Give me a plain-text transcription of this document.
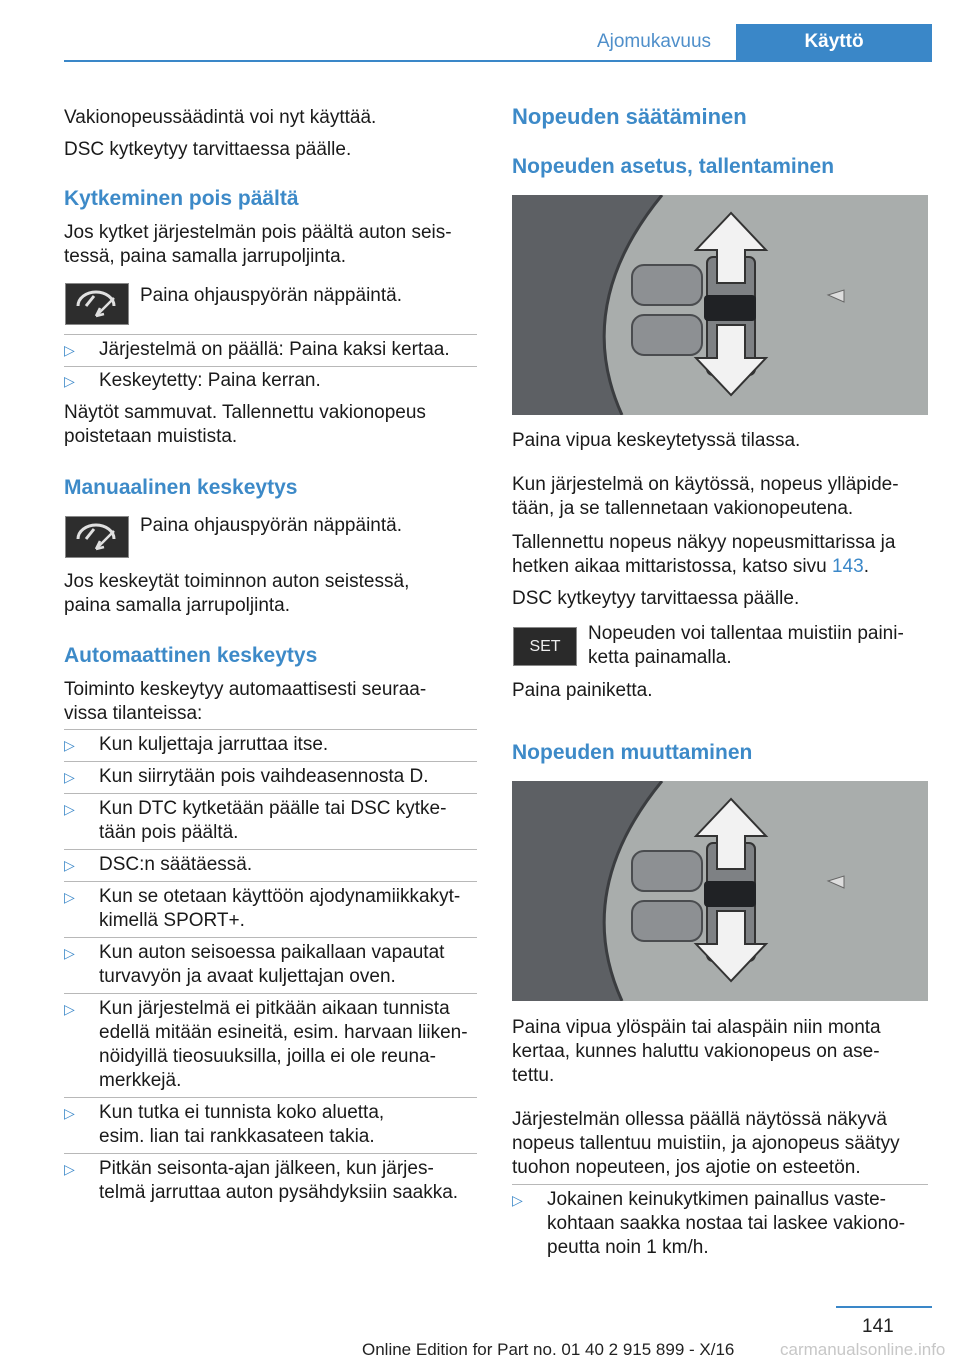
Ajomukavuus	Käyttö

Vakionopeussäädintä voi nyt käyttää.

DSC kytkeytyy tarvittaessa päälle.

Kytkeminen pois päältä

Jos kytket järjestelmän pois päältä auton seis-

tessä, paina samalla jarrupoljinta.

Paina ohjauspyörän näppäintä.

▷ Järjestelmä on päällä: Paina kaksi kertaa.
▷ Keskeytetty: Paina kerran.

Näytöt sammuvat. Tallennettu vakionopeus

poistetaan muistista.

Manuaalinen keskeytys

Paina ohjauspyörän näppäintä.

Jos keskeytät toiminnon auton seistessä,

paina samalla jarrupoljinta.

Automaattinen keskeytys

Toiminto keskeytyy automaattisesti seuraa-

vissa tilanteissa:

▷ Kun kuljettaja jarruttaa itse.
▷ Kun siirrytään pois vaihdeasennosta D.
▷ Kun DTC kytketään päälle tai DSC kytke-
tään pois päältä.
▷ DSC:n säätäessä.
▷ Kun se otetaan käyttöön ajodynamiikkakyt-
kimellä SPORT+.
▷ Kun auton seisoessa paikallaan vapautat
turvavyön ja avaat kuljettajan oven.
▷ Kun järjestelmä ei pitkään aikaan tunnista
edellä mitään esineitä, esim. harvaan liiken-
nöidyillä tieosuuksilla, joilla ei ole reuna-
merkkejä.
▷ Kun tutka ei tunnista koko aluetta,
esim. lian tai rankkasateen takia.
▷ Pitkän seisonta-ajan jälkeen, kun järjes-
telmä jarruttaa auton pysähdyksiin saakka.
Nopeuden säätäminen
Nopeuden asetus, tallentaminen

Paina vipua keskeytetyssä tilassa.

Kun järjestelmä on käytössä, nopeus ylläpide-

tään, ja se tallennetaan vakionopeutena.

Tallennettu nopeus näkyy nopeusmittarissa ja

hetken aikaa mittaristossa, katso sivu 143.

DSC kytkeytyy tarvittaessa päälle.

SET

Nopeuden voi tallentaa muistiin paini-

ketta painamalla.

Paina painiketta.

Nopeuden muuttaminen

Paina vipua ylöspäin tai alaspäin niin monta

kertaa, kunnes haluttu vakionopeus on ase-

tettu.

Järjestelmän ollessa päällä näytössä näkyvä

nopeus tallentuu muistiin, ja ajonopeus säätyy

tuohon nopeuteen, jos ajotie on esteetön.

▷ Jokainen keinukytkimen painallus vaste-
kohtaan saakka nostaa tai laskee vakiono-
peutta noin 1 km/h.
141
Online Edition for Part no. 01 40 2 915 899 - X/16	carmanualsonline.info
